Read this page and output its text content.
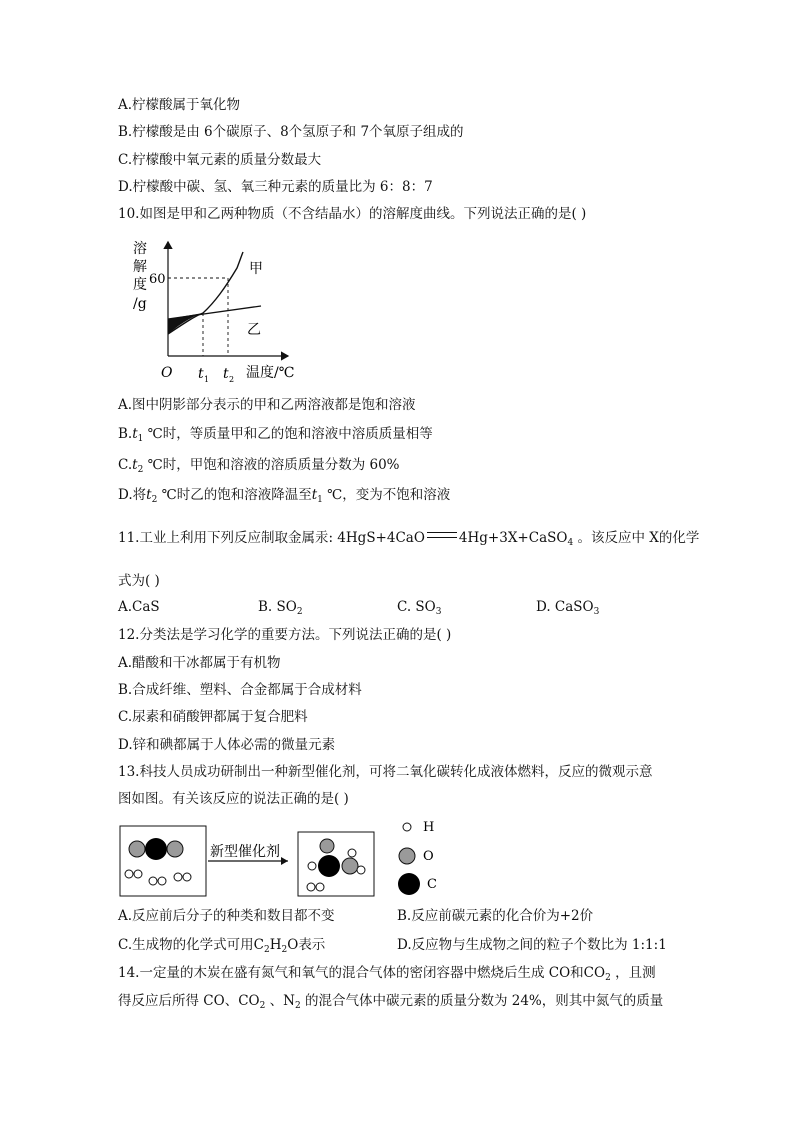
A.柠檬酸属于氧化物
B.柠檬酸是由 6个碳原子、8个氢原子和 7个氧原子组成的
C.柠檬酸中氧元素的质量分数最大
D.柠檬酸中碳、氢、氧三种元素的质量比为 6：8：7
10.如图是甲和乙两种物质（不含结晶水）的溶解度曲线。下列说法正确的是( )
溶
解
度
/g
60
O t 1 t 2 温度/℃
甲
乙
A.图中阴影部分表示的甲和乙两溶液都是饱和溶液
$B.t_1$ ℃时，等质量甲和乙的饱和溶液中溶质质量相等
$C.t_2$ ℃时，甲饱和溶液的溶质质量分数为 60%
D.将$t_2$ ℃时乙的饱和溶液降温至$t_1$ ℃，变为不饱和溶液
11.工业上利用下列反应制取金属汞: 4HgS+4CaO	4Hg+3X+CaSO$_4$ 。该反应中 X的化学
式为( )
A.CaS	B. $SO_2$	C. $SO_3$	D. CaSO$_3$
12.分类法是学习化学的重要方法。下列说法正确的是( )
A.醋酸和干冰都属于有机物
B.合成纤维、塑料、合金都属于合成材料
C.尿素和硝酸钾都属于复合肥料
D.锌和碘都属于人体必需的微量元素
13.科技人员成功研制出一种新型催化剂，可将二氧化碳转化成液体燃料，反应的微观示意
图如图。有关该反应的说法正确的是( )
新型催化剂
H
O
C
A.反应前后分子的种类和数目都不变	B.反应前碳元素的化合价为+2价
C.生成物的化学式可用$C_2H_2O$表示	D.反应物与生成物之间的粒子个数比为 1:1:1
14.一定量的木炭在盛有氮气和氧气的混合气体的密闭容器中燃烧后生成 CO和$CO_2$ ，且测
得反应后所得 CO、$CO_2$ 、$N_2$ 的混合气体中碳元素的质量分数为 24%，则其中氮气的质量
